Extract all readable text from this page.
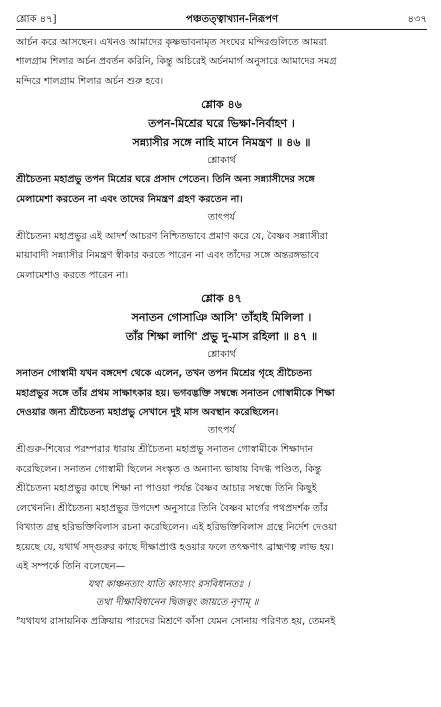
শ্লোক ৪৭]	পঞ্চতত্ত্বাখ্যান-নিরূপণ	৪৩৭
আর্চন করে আসছেন। এখনও আমাদের কৃষ্ণভাবনামৃত সংঘের মন্দিরগুলিতে আমরা
শালগ্রাম শিলার অর্চন প্রবর্তন করিনি, কিন্তু অচিরেই অর্চনমার্গ অনুসারে আমাদের সমগ্র
মন্দিরে শালগ্রাম শিলার অর্চন শুরু হবে।
শ্লোক ৪৬
তপন-মিশ্রের ঘরে ভিক্ষা-নির্বাহণ ।
সন্ন্যাসীর সঙ্গে নাহি মানে নিমন্ত্রণ ॥ ৪৬ ॥
শ্লোকার্থ
শ্রীচৈতন্য মহাপ্রভু তপন মিশ্রের ঘরে প্রসাদ পেতেন। তিনি অন্য সন্ন্যাসীদের সঙ্গে
মেলামেশা করতেন না এবং তাদের নিমন্ত্রণ গ্রহণ করতেন না।
তাৎপর্য
শ্রীচৈতন্য মহাপ্রভুর এই আদর্শ আচরণ নিশ্চিতভাবে প্রমাণ করে যে, বৈষ্ণব সন্ন্যাসীরা
মায়াবাদী সন্ন্যাসীর নিমন্ত্রণ স্বীকার করতে পারেন না এবং তাঁদের সঙ্গে অন্তরঙ্গভাবে
মেলামেশাও করতে পারেন না।
শ্লোক ৪৭
সনাতন গোসাঞি আসি' তাঁহাই মিলিলা ।
তাঁর শিক্ষা লাগি' প্রভু দু-মাস রহিলা ॥ ৪৭ ॥
শ্লোকার্থ
সনাতন গোস্বামী যখন বঙ্গদেশ থেকে এলেন, তখন তপন মিশ্রের গৃহে শ্রীচৈতন্য
মহাপ্রভুর সঙ্গে তাঁর প্রথম সাক্ষাৎকার হয়। ভগবদ্ভক্তি সম্বন্ধে সনাতন গোস্বামীকে শিক্ষা
দেওয়ার জন্য শ্রীচৈতন্য মহাপ্রভু সেখানে দুই মাস অবস্থান করেছিলেন।
তাৎপর্য
শ্রীগুরু-শিষ্যের পরম্পরার ধারায় শ্রীচৈতন্য মহাপ্রভু সনাতন গোস্বামীকে শিক্ষাদান
করেছিলেন। সনাতন গোস্বামী ছিলেন সংস্কৃত ও অন্যান্য ভাষায় বিদগ্ধ পণ্ডিত, কিন্তু
শ্রীচৈতন্য মহাপ্রভুর কাছে শিক্ষা না পাওয়া পর্যন্ত বৈষ্ণব আচার সম্বন্ধে তিনি কিছুই
লেখেননি। শ্রীচৈতন্য মহাপ্রভুর উপদেশ অনুসারে তিনি বৈষ্ণব মার্গের পথপ্রদর্শক তাঁর
বিখ্যাত গ্রন্থ হরিভক্তিবিলাস রচনা করেছিলেন। এই হরিভক্তিবিলাস গ্রন্থে নির্দেশ দেওয়া
হয়েছে যে, যথার্থ সদ্গুরুর কাছে দীক্ষাপ্রাপ্ত হওয়ার ফলে তৎক্ষণাৎ ব্রাহ্মণত্ব লাভ হয়।
এই সম্পর্কে তিনি বলেছেন—
যথা কাঞ্চনতাং যাতি কাংস্যং রসবিধানতঃ ।
তথা দীক্ষাবিধানেন দ্বিজত্বং জায়তে নৃণাম্ ॥
"যথাযথ রাসায়নিক প্রক্রিয়ায় পারদের মিশ্রণে কাঁসা যেমন সোনায় পরিণত হয়, তেমনই
